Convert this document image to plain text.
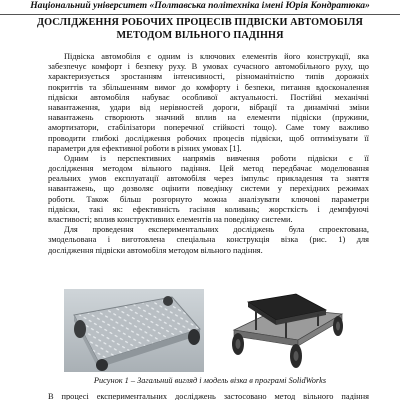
Національний університет «Полтавська політехніка імені Юрія Кондратюка»
ДОСЛІДЖЕННЯ РОБОЧИХ ПРОЦЕСІВ ПІДВІСКИ АВТОМОБІЛЯ
МЕТОДОМ ВІЛЬНОГО ПАДІННЯ
Підвіска автомобіля є одним із ключових елементів його конструкції, яка
забезпечує комфорт і безпеку руху. В умовах сучасного автомобільного руху, що
характеризується зростанням інтенсивності, різноманітністю типів дорожніх
покриттів та збільшенням вимог до комфорту і безпеки, питання вдосконалення
підвіски автомобіля набуває особливої актуальності. Постійні механічні
навантаження, удари від нерівностей дороги, вібрації та динамічні зміни
навантажень створюють значний вплив на елементи підвіски (пружини,
амортизатори, стабілізатори поперечної стійкості тощо). Саме тому важливо
проводити глибокі дослідження робочих процесів підвіски, щоб оптимізувати її
параметри для ефективної роботи в різних умовах [1].
Одним із перспективних напрямів вивчення роботи підвіски є її
дослідження методом вільного падіння. Цей метод передбачає моделювання
реальних умов експлуатації автомобіля через імпульс прикладення та зняття
навантажень, що дозволяє оцінити поведінку системи у перехідних режимах
роботи. Також більш розгорнуто можна аналізувати ключові параметри
підвіски, такі як: ефективність гасіння коливань; жорсткість і демпфуючі
властивості; вплив конструктивних елементів на поведінку системи.
Для проведення експериментальних досліджень була спроектована,
змодельована і виготовлена спеціальна конструкція візка (рис. 1) для
дослідження підвіски автомобіля методом вільного падіння.
Рисунок 1 – Загальний вигляд і модель візка в програмі SolidWorks
В процесі експериментальних досліджень застосовано метод вільного падіння
